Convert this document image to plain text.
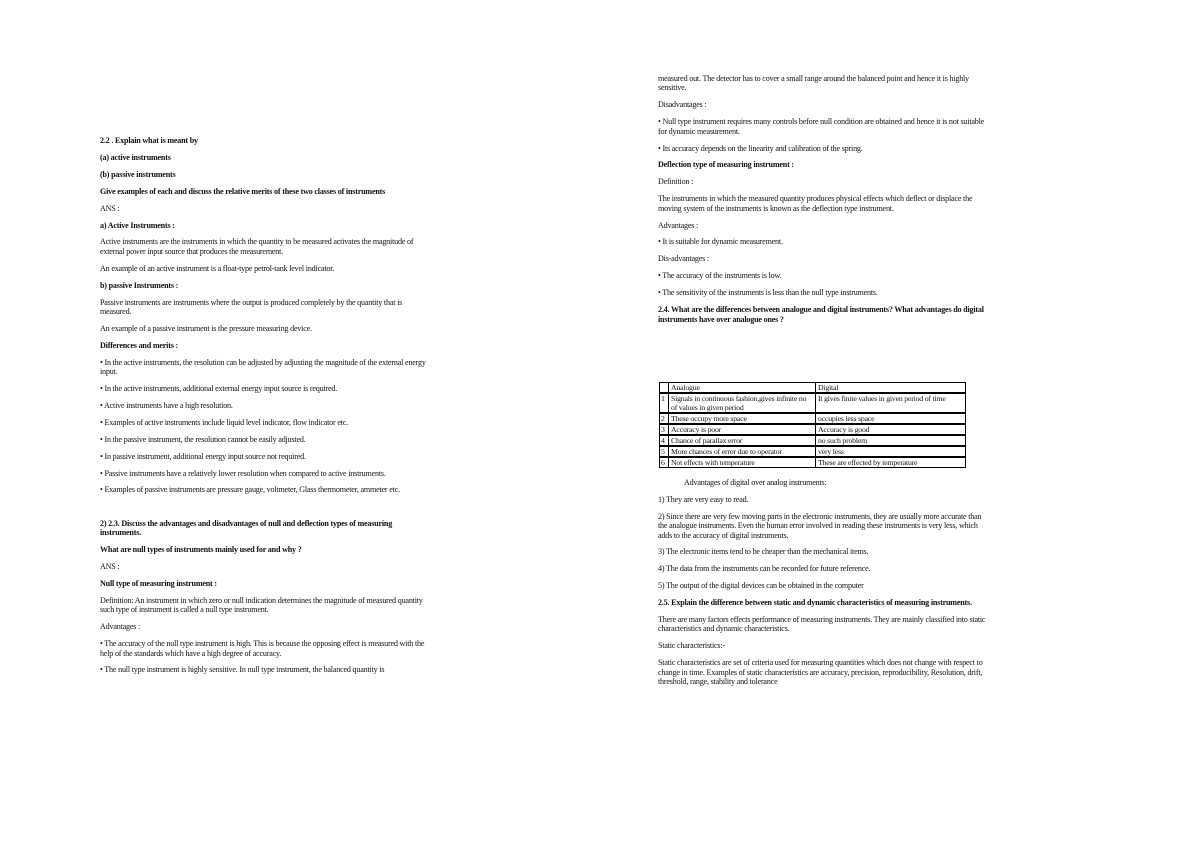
2.2 . Explain what is meant by

(a) active instruments

(b) passive instruments

Give examples of each and discuss the relative merits of these two classes of instruments

ANS :

a) Active Instruments :

Active instruments are the instruments in which the quantity to be measured activates the magnitude of external power input source that produces the measurement.

An example of an active instrument is a float-type petrol-tank level indicator.

b) passive Instruments :

Passive instruments are instruments where the output is produced completely by the quantity that is measured.

An example of a passive instrument is the pressure measuring device.

Differences and merits :

• In the active instruments, the resolution can be adjusted by adjusting the magnitude of the external energy input.

• In the active instruments, additional external energy input source is required.

• Active instruments have a high resolution.

• Examples of active instruments include liquid level indicator, flow indicator etc.

• In the passive instrument, the resolution cannot be easily adjusted.

• In passive instrument, additional energy input source not required.

• Passive instruments have a relatively lower resolution when compared to active instruments.

• Examples of passive instruments are pressure gauge, voltmeter, Glass thermometer, ammeter etc.

2) 2.3. Discuss the advantages and disadvantages of null and deflection types of measuring instruments.

What are null types of instruments mainly used for and why ?

ANS :

Null type of measuring instrument :

Definition: An instrument in which zero or null indication determines the magnitude of measured quantity such type of instrument is called a null type instrument.

Advantages :

• The accuracy of the null type instrument is high. This is because the opposing effect is measured with the help of the standards which have a high degree of accuracy.

• The null type instrument is highly sensitive. In null type instrument, the balanced quantity is

measured out. The detector has to cover a small range around the balanced point and hence it is highly sensitive.

Disadvantages :

• Null type instrument requires many controls before null condition are obtained and hence it is not suitable for dynamic measurement.

• Its accuracy depends on the linearity and calibration of the spring.

Deflection type of measuring instrument :

Definition :

The instruments in which the measured quantity produces physical effects which deflect or displace the moving system of the instruments is known as the deflection type instrument.

Advantages :

• It is suitable for dynamic measurement.

Dis-advantages :

• The accuracy of the instruments is low.

• The sensitivity of the instruments is less than the null type instruments.

2.4. What are the differences between analogue and digital instruments? What advantages do digital instruments have over analogue ones ?

	Analogue	Digital
1	Signals in continuous fashion,gives infinite no of values in given period	It gives finite values in given period of time
2	These occupy more space	occupies less space
3	Accuracy is poor	Accuracy is good
4	Chance of parallax error	no such problem
5	More chances of error due to operator	very less
6	Not effects with temperature	These are effected by temperature

Advantages of digital over analog instruments:

1) They are very easy to read.

2) Since there are very few moving parts in the electronic instruments, they are usually more accurate than the analogue instruments. Even the human error involved in reading these instruments is very less, which adds to the accuracy of digital instruments.

3) The electronic items tend to be cheaper than the mechanical items.

4) The data from the instruments can be recorded for future reference.

5) The output of the digital devices can be obtained in the computer

2.5. Explain the difference between static and dynamic characteristics of measuring instruments.

There are many factors effects performance of measuring instruments. They are mainly classified into static characteristics and dynamic characteristics.

Static characteristics:-

Static characteristics are set of criteria used for measuring quantities which does not change with respect to change in time. Examples of static characteristics are accuracy, precision, reproducibility, Resolution, drift, threshold, range, stability and tolerance
